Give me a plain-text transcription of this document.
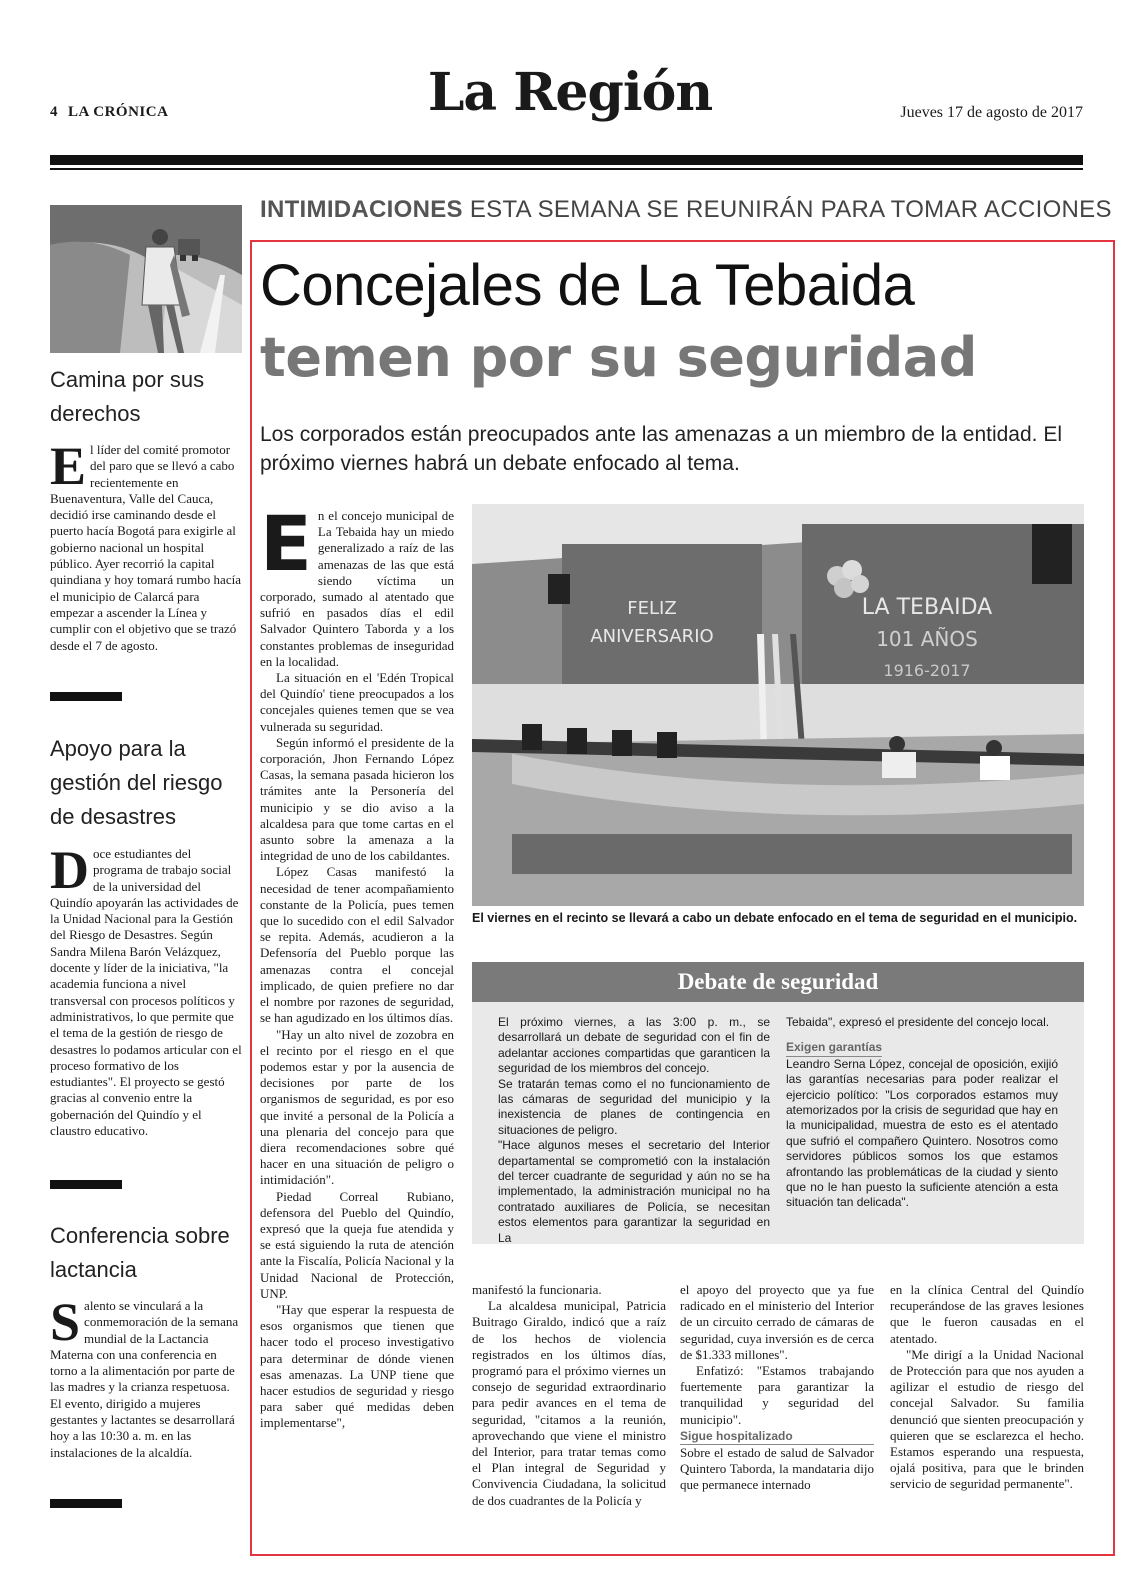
4 LA CRÓNICA	La Región	Jueves 17 de agosto de 2017
Camina por sus derechos
El líder del comité promotor del paro que se llevó a cabo recientemente en Buenaventura, Valle del Cauca, decidió irse caminando desde el puerto hacía Bogotá para exigirle al gobierno nacional un hospital público. Ayer recorrió la capital quindiana y hoy tomará rumbo hacía el municipio de Calarcá para empezar a ascender la Línea y cumplir con el objetivo que se trazó desde el 7 de agosto.
Apoyo para la gestión del riesgo de desastres
Doce estudiantes del programa de trabajo social de la universidad del Quindío apoyarán las actividades de la Unidad Nacional para la Gestión del Riesgo de Desastres. Según Sandra Milena Barón Velázquez, docente y líder de la iniciativa, "la academia funciona a nivel transversal con procesos políticos y administrativos, lo que permite que el tema de la gestión de riesgo de desastres lo podamos articular con el proceso formativo de los estudiantes". El proyecto se gestó gracias al convenio entre la gobernación del Quindío y el claustro educativo.
Conferencia sobre lactancia
Salento se vinculará a la conmemoración de la semana mundial de la Lactancia Materna con una conferencia en torno a la alimentación por parte de las madres y la crianza respetuosa. El evento, dirigido a mujeres gestantes y lactantes se desarrollará hoy a las 10:30 a. m. en las instalaciones de la alcaldía.
INTIMIDACIONES ESTA SEMANA SE REUNIRÁN PARA TOMAR ACCIONES
Concejales de La Tebaida
temen por su seguridad
Los corporados están preocupados ante las amenazas a un miembro de la entidad. El próximo viernes habrá un debate enfocado al tema.

En el concejo municipal de La Tebaida hay un miedo generalizado a raíz de las amenazas de las que está siendo víctima un corporado, sumado al atentado que sufrió en pasados días el edil Salvador Quintero Taborda y a los constantes problemas de inseguridad en la localidad.

La situación en el 'Edén Tropical del Quindío' tiene preocupados a los concejales quienes temen que se vea vulnerada su seguridad.

Según informó el presidente de la corporación, Jhon Fernando López Casas, la semana pasada hicieron los trámites ante la Personería del municipio y se dio aviso a la alcaldesa para que tome cartas en el asunto sobre la amenaza a la integridad de uno de los cabildantes.

López Casas manifestó la necesidad de tener acompañamiento constante de la Policía, pues temen que lo sucedido con el edil Salvador se repita. Además, acudieron a la Defensoría del Pueblo porque las amenazas contra el concejal implicado, de quien prefiere no dar el nombre por razones de seguridad, se han agudizado en los últimos días.

"Hay un alto nivel de zozobra en el recinto por el riesgo en el que podemos estar y por la ausencia de decisiones por parte de los organismos de seguridad, es por eso que invité a personal de la Policía a una plenaria del concejo para que diera recomendaciones sobre qué hacer en una situación de peligro o intimidación".

Piedad Correal Rubiano, defensora del Pueblo del Quindío, expresó que la queja fue atendida y se está siguiendo la ruta de atención ante la Fiscalía, Policía Nacional y la Unidad Nacional de Protección, UNP.

"Hay que esperar la respuesta de esos organismos que tienen que hacer todo el proceso investigativo para determinar de dónde vienen esas amenazas. La UNP tiene que hacer estudios de seguridad y riesgo para saber qué medidas deben implementarse",

FELIZ
ANIVERSARIO
LA TEBAIDA
101 AÑOS
1916-2017
El viernes en el recinto se llevará a cabo un debate enfocado en el tema de seguridad en el municipio.
Debate de seguridad

El próximo viernes, a las 3:00 p. m., se desarrollará un debate de seguridad con el fin de adelantar acciones compartidas que garanticen la seguridad de los miembros del concejo.

Se tratarán temas como el no funcionamiento de las cámaras de seguridad del municipio y la inexistencia de planes de contingencia en situaciones de peligro.

"Hace algunos meses el secretario del Interior departamental se comprometió con la instalación del tercer cuadrante de seguridad y aún no se ha implementado, la administración municipal no ha contratado auxiliares de Policía, se necesitan estos elementos para garantizar la seguridad en La

Tebaida", expresó el presidente del concejo local.

Exigen garantías

Leandro Serna López, concejal de oposición, exijió las garantías necesarias para poder realizar el ejercicio político: "Los corporados estamos muy atemorizados por la crisis de seguridad que hay en la municipalidad, muestra de esto es el atentado que sufrió el compañero Quintero. Nosotros como servidores públicos somos los que estamos afrontando las problemáticas de la ciudad y siento que no le han puesto la suficiente atención a esta situación tan delicada".

manifestó la funcionaria.

La alcaldesa municipal, Patricia Buitrago Giraldo, indicó que a raíz de los hechos de violencia registrados en los últimos días, programó para el próximo viernes un consejo de seguridad extraordinario para pedir avances en el tema de seguridad, "citamos a la reunión, aprovechando que viene el ministro del Interior, para tratar temas como el Plan integral de Seguridad y Convivencia Ciudadana, la solicitud de dos cuadrantes de la Policía y

el apoyo del proyecto que ya fue radicado en el ministerio del Interior de un circuito cerrado de cámaras de seguridad, cuya inversión es de cerca de $1.333 millones".

Enfatizó: "Estamos trabajando fuertemente para garantizar la tranquilidad y seguridad del municipio".

Sigue hospitalizado

Sobre el estado de salud de Salvador Quintero Taborda, la mandataria dijo que permanece internado

en la clínica Central del Quindío recuperándose de las graves lesiones que le fueron causadas en el atentado.

"Me dirigí a la Unidad Nacional de Protección para que nos ayuden a agilizar el estudio de riesgo del concejal Salvador. Su familia denunció que sienten preocupación y quieren que se esclarezca el hecho. Estamos esperando una respuesta, ojalá positiva, para que le brinden servicio de seguridad permanente".
